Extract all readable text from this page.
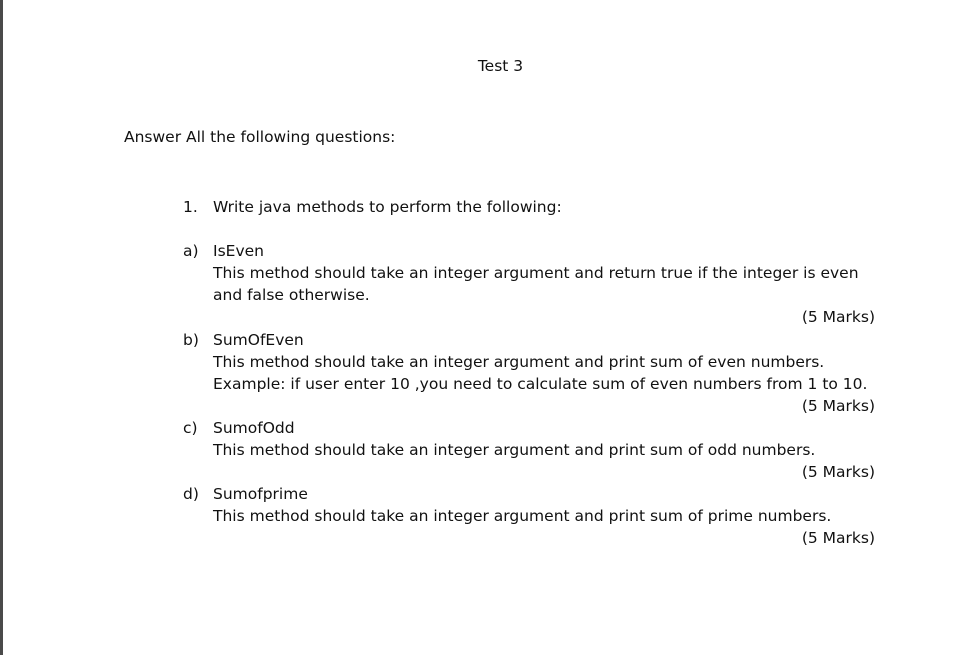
Test 3
Answer All the following questions:
1. Write java methods to perform the following:
a) IsEven
This method should take an integer argument and return true if the integer is even
and false otherwise.
(5 Marks)
b) SumOfEven
This method should take an integer argument and print sum of even numbers.
Example: if user enter 10 ,you need to calculate sum of even numbers from 1 to 10.
(5 Marks)
c) SumofOdd
This method should take an integer argument and print sum of odd numbers.
(5 Marks)
d) Sumofprime
This method should take an integer argument and print sum of prime numbers.
(5 Marks)
